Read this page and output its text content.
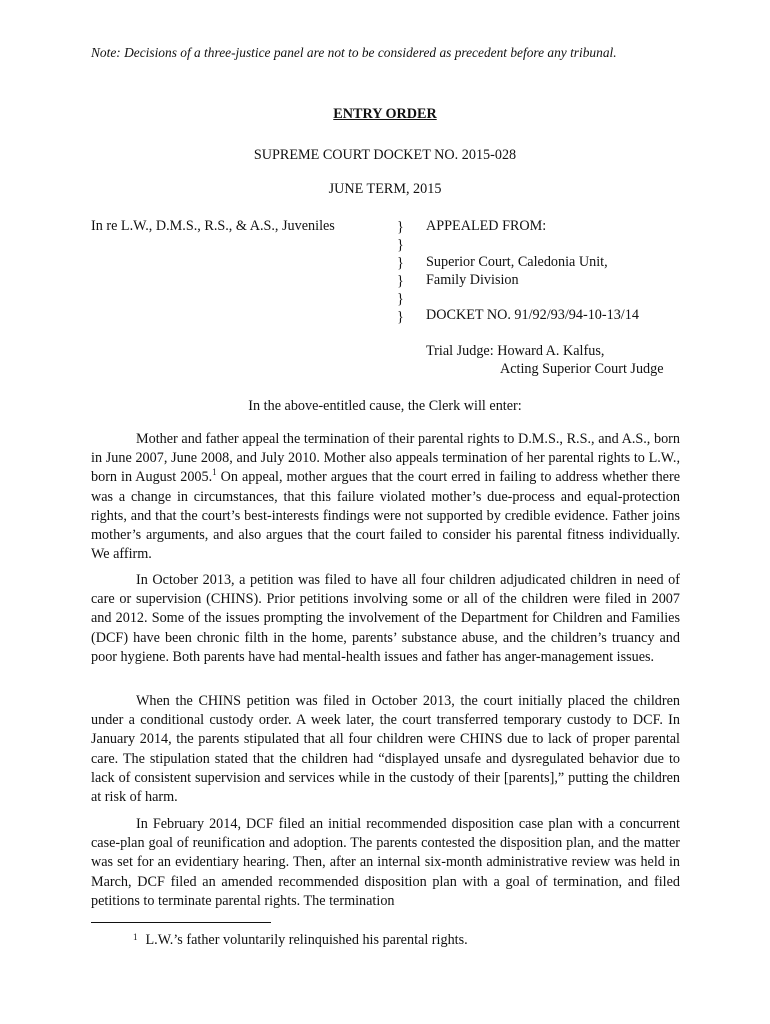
Note: Decisions of a three-justice panel are not to be considered as precedent before any tribunal.
ENTRY ORDER
SUPREME COURT DOCKET NO. 2015-028
JUNE TERM, 2015
In re L.W., D.M.S., R.S., & A.S., Juveniles	}
}
}
}
}
}
APPEALED FROM:
Superior Court, Caledonia Unit,
Family Division
DOCKET NO. 91/92/93/94-10-13/14
Trial Judge: Howard A. Kalfus,
Acting Superior Court Judge
In the above-entitled cause, the Clerk will enter:

Mother and father appeal the termination of their parental rights to D.M.S., R.S., and A.S., born in June 2007, June 2008, and July 2010. Mother also appeals termination of her parental rights to L.W., born in August 2005.$^1$ On appeal, mother argues that the court erred in failing to address whether there was a change in circumstances, that this failure violated mother’s due-process and equal-protection rights, and that the court’s best-interests findings were not supported by credible evidence. Father joins mother’s arguments, and also argues that the court failed to consider his parental fitness individually. We affirm.

In October 2013, a petition was filed to have all four children adjudicated children in need of care or supervision (CHINS). Prior petitions involving some or all of the children were filed in 2007 and 2012. Some of the issues prompting the involvement of the Department for Children and Families (DCF) have been chronic filth in the home, parents’ substance abuse, and the children’s truancy and poor hygiene. Both parents have had mental-health issues and father has anger-management issues.

When the CHINS petition was filed in October 2013, the court initially placed the children under a conditional custody order. A week later, the court transferred temporary custody to DCF. In January 2014, the parents stipulated that all four children were CHINS due to lack of proper parental care. The stipulation stated that the children had “displayed unsafe and dysregulated behavior due to lack of consistent supervision and services while in the custody of their [parents],” putting the children at risk of harm.

In February 2014, DCF filed an initial recommended disposition case plan with a concurrent case-plan goal of reunification and adoption. The parents contested the disposition plan, and the matter was set for an evidentiary hearing. Then, after an internal six-month administrative review was held in March, DCF filed an amended recommended disposition plan with a goal of termination, and filed petitions to terminate parental rights. The termination

$^1$ L.W.’s father voluntarily relinquished his parental rights.
